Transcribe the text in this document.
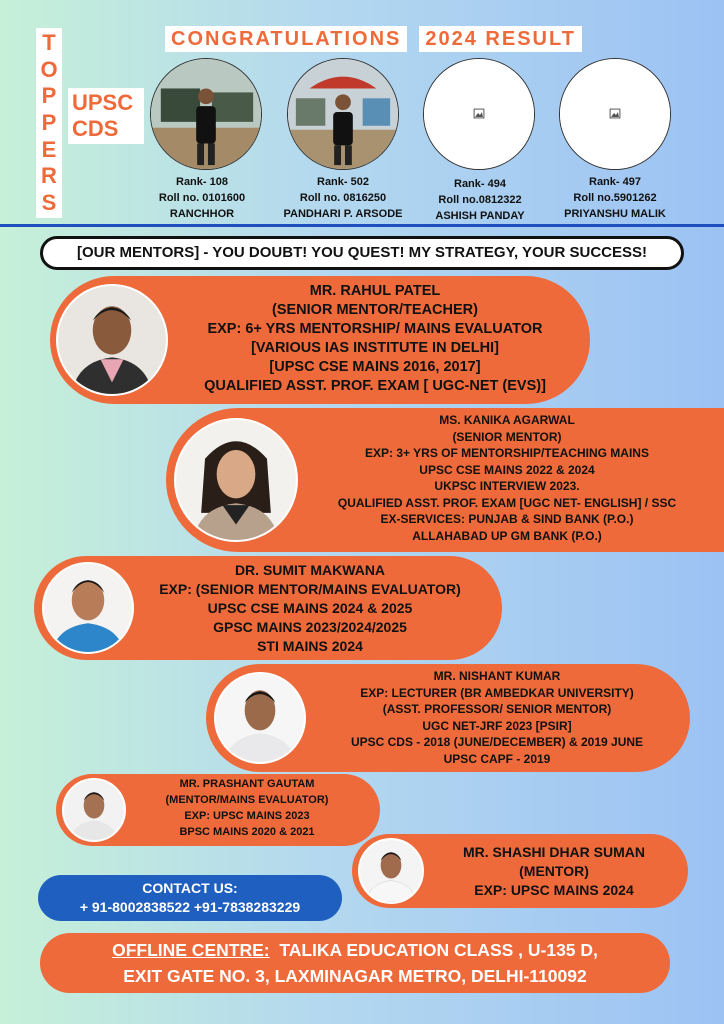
T
O
P
P
E
R
S
CONGRATULATIONS	2024 RESULT
UPSC
CDS
Rank- 108
Roll no. 0101600
RANCHHOR
Rank- 502
Roll no. 0816250
PANDHARI P. ARSODE
Rank- 494
Roll no.0812322
ASHISH PANDAY
Rank- 497
Roll no.5901262
PRIYANSHU MALIK
[OUR MENTORS] - YOU DOUBT! YOU QUEST! MY STRATEGY, YOUR SUCCESS!
MR. RAHUL PATEL
(SENIOR MENTOR/TEACHER)
EXP: 6+ YRS MENTORSHIP/ MAINS EVALUATOR
[VARIOUS IAS INSTITUTE IN DELHI]
[UPSC CSE MAINS 2016, 2017]
QUALIFIED ASST. PROF. EXAM [ UGC-NET (EVS)]
MS. KANIKA AGARWAL
(SENIOR MENTOR)
EXP: 3+ YRS OF MENTORSHIP/TEACHING MAINS
UPSC CSE MAINS 2022 & 2024
UKPSC INTERVIEW 2023.
QUALIFIED ASST. PROF. EXAM [UGC NET- ENGLISH] / SSC
EX-SERVICES: PUNJAB & SIND BANK (P.O.)
ALLAHABAD UP GM BANK (P.O.)
DR. SUMIT MAKWANA
EXP: (SENIOR MENTOR/MAINS EVALUATOR)
UPSC CSE MAINS 2024 & 2025
GPSC MAINS 2023/2024/2025
STI MAINS 2024
MR. NISHANT KUMAR
EXP: LECTURER (BR AMBEDKAR UNIVERSITY)
(ASST. PROFESSOR/ SENIOR MENTOR)
UGC NET-JRF 2023 [PSIR]
UPSC CDS - 2018 (JUNE/DECEMBER) & 2019 JUNE
UPSC CAPF - 2019
MR. PRASHANT GAUTAM
(MENTOR/MAINS EVALUATOR)
EXP: UPSC MAINS 2023
BPSC MAINS 2020 & 2021
MR. SHASHI DHAR SUMAN
(MENTOR)
EXP: UPSC MAINS 2024
CONTACT US:
+ 91-8002838522 +91-7838283229
OFFLINE CENTRE:  TALIKA EDUCATION CLASS , U-135 D,
EXIT GATE NO. 3, LAXMINAGAR METRO, DELHI-110092
